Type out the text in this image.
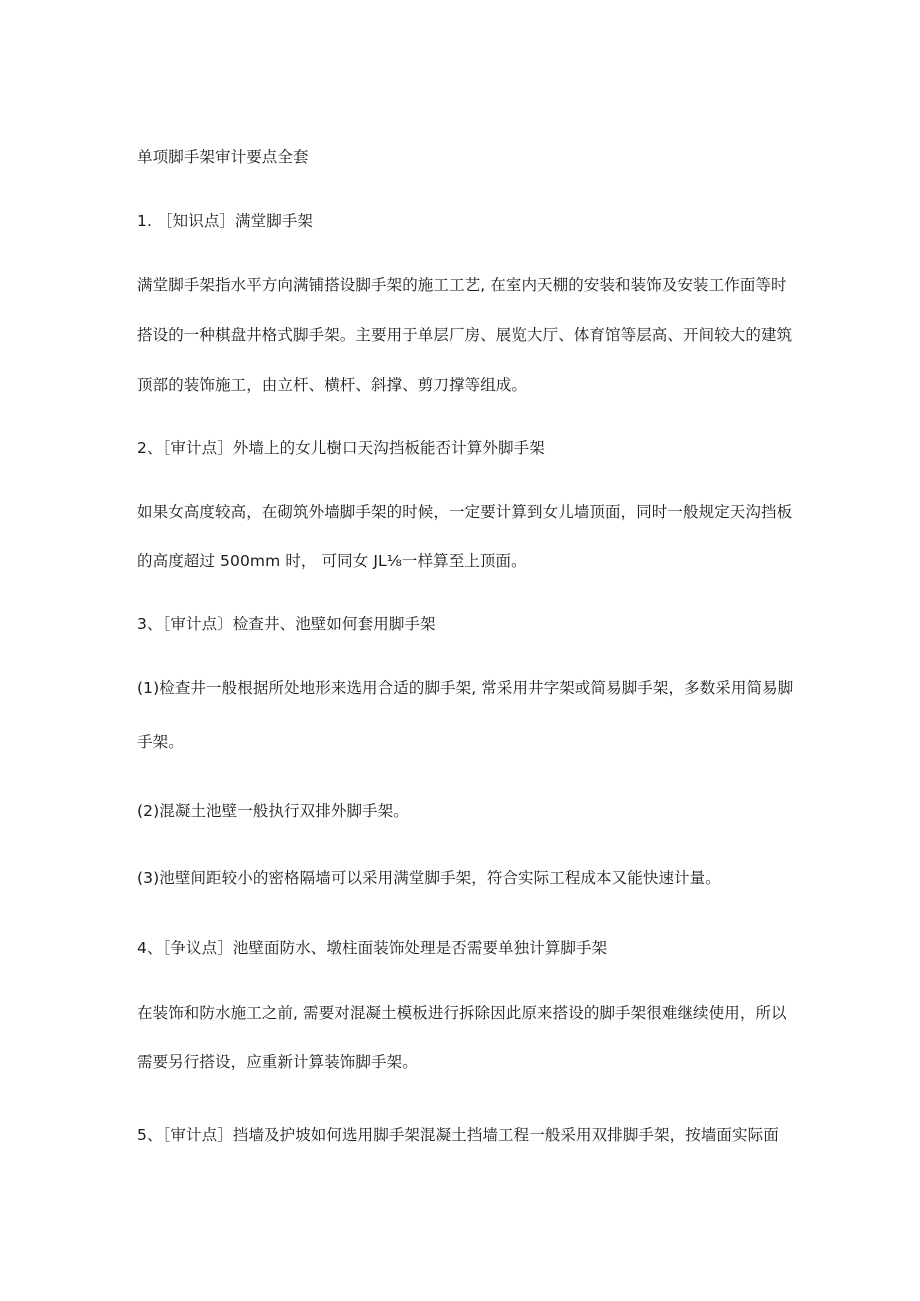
单项脚手架审计要点全套
1. ［知识点］满堂脚手架
满堂脚手架指水平方向满铺搭设脚手架的施工工艺, 在室内天棚的安装和装饰及安装工作面等时
搭设的一种棋盘井格式脚手架。主要用于单层厂房、展览大厅、体育馆等层高、开间较大的建筑
顶部的装饰施工，由立杆、横杆、斜撑、剪刀撑等组成。
2、［审计点］外墙上的女儿樹口天沟挡板能否计算外脚手架
如果女高度较高，在砌筑外墙脚手架的时候，一定要计算到女儿墙顶面，同时一般规定天沟挡板
的高度超过 500mm 时， 可同女 JL⅛一样算至上顶面。
3、［审计点〕检查井、池壁如何套用脚手架
(1)检查井一般根据所处地形来选用合适的脚手架, 常采用井字架或简易脚手架，多数采用简易脚
手架。
(2)混凝土池壁一般执行双排外脚手架。
(3)池壁间距较小的密格隔墙可以采用满堂脚手架，符合实际工程成本又能快速计量。
4、［争议点］池壁面防水、墩柱面装饰处理是否需要单独计算脚手架
在装饰和防水施工之前, 需要对混凝土模板进行拆除因此原来搭设的脚手架很难继续使用，所以
需要另行搭设，应重新计算装饰脚手架。
5、［审计点］挡墙及护坡如何选用脚手架混凝土挡墙工程一般采用双排脚手架，按墙面实际面
